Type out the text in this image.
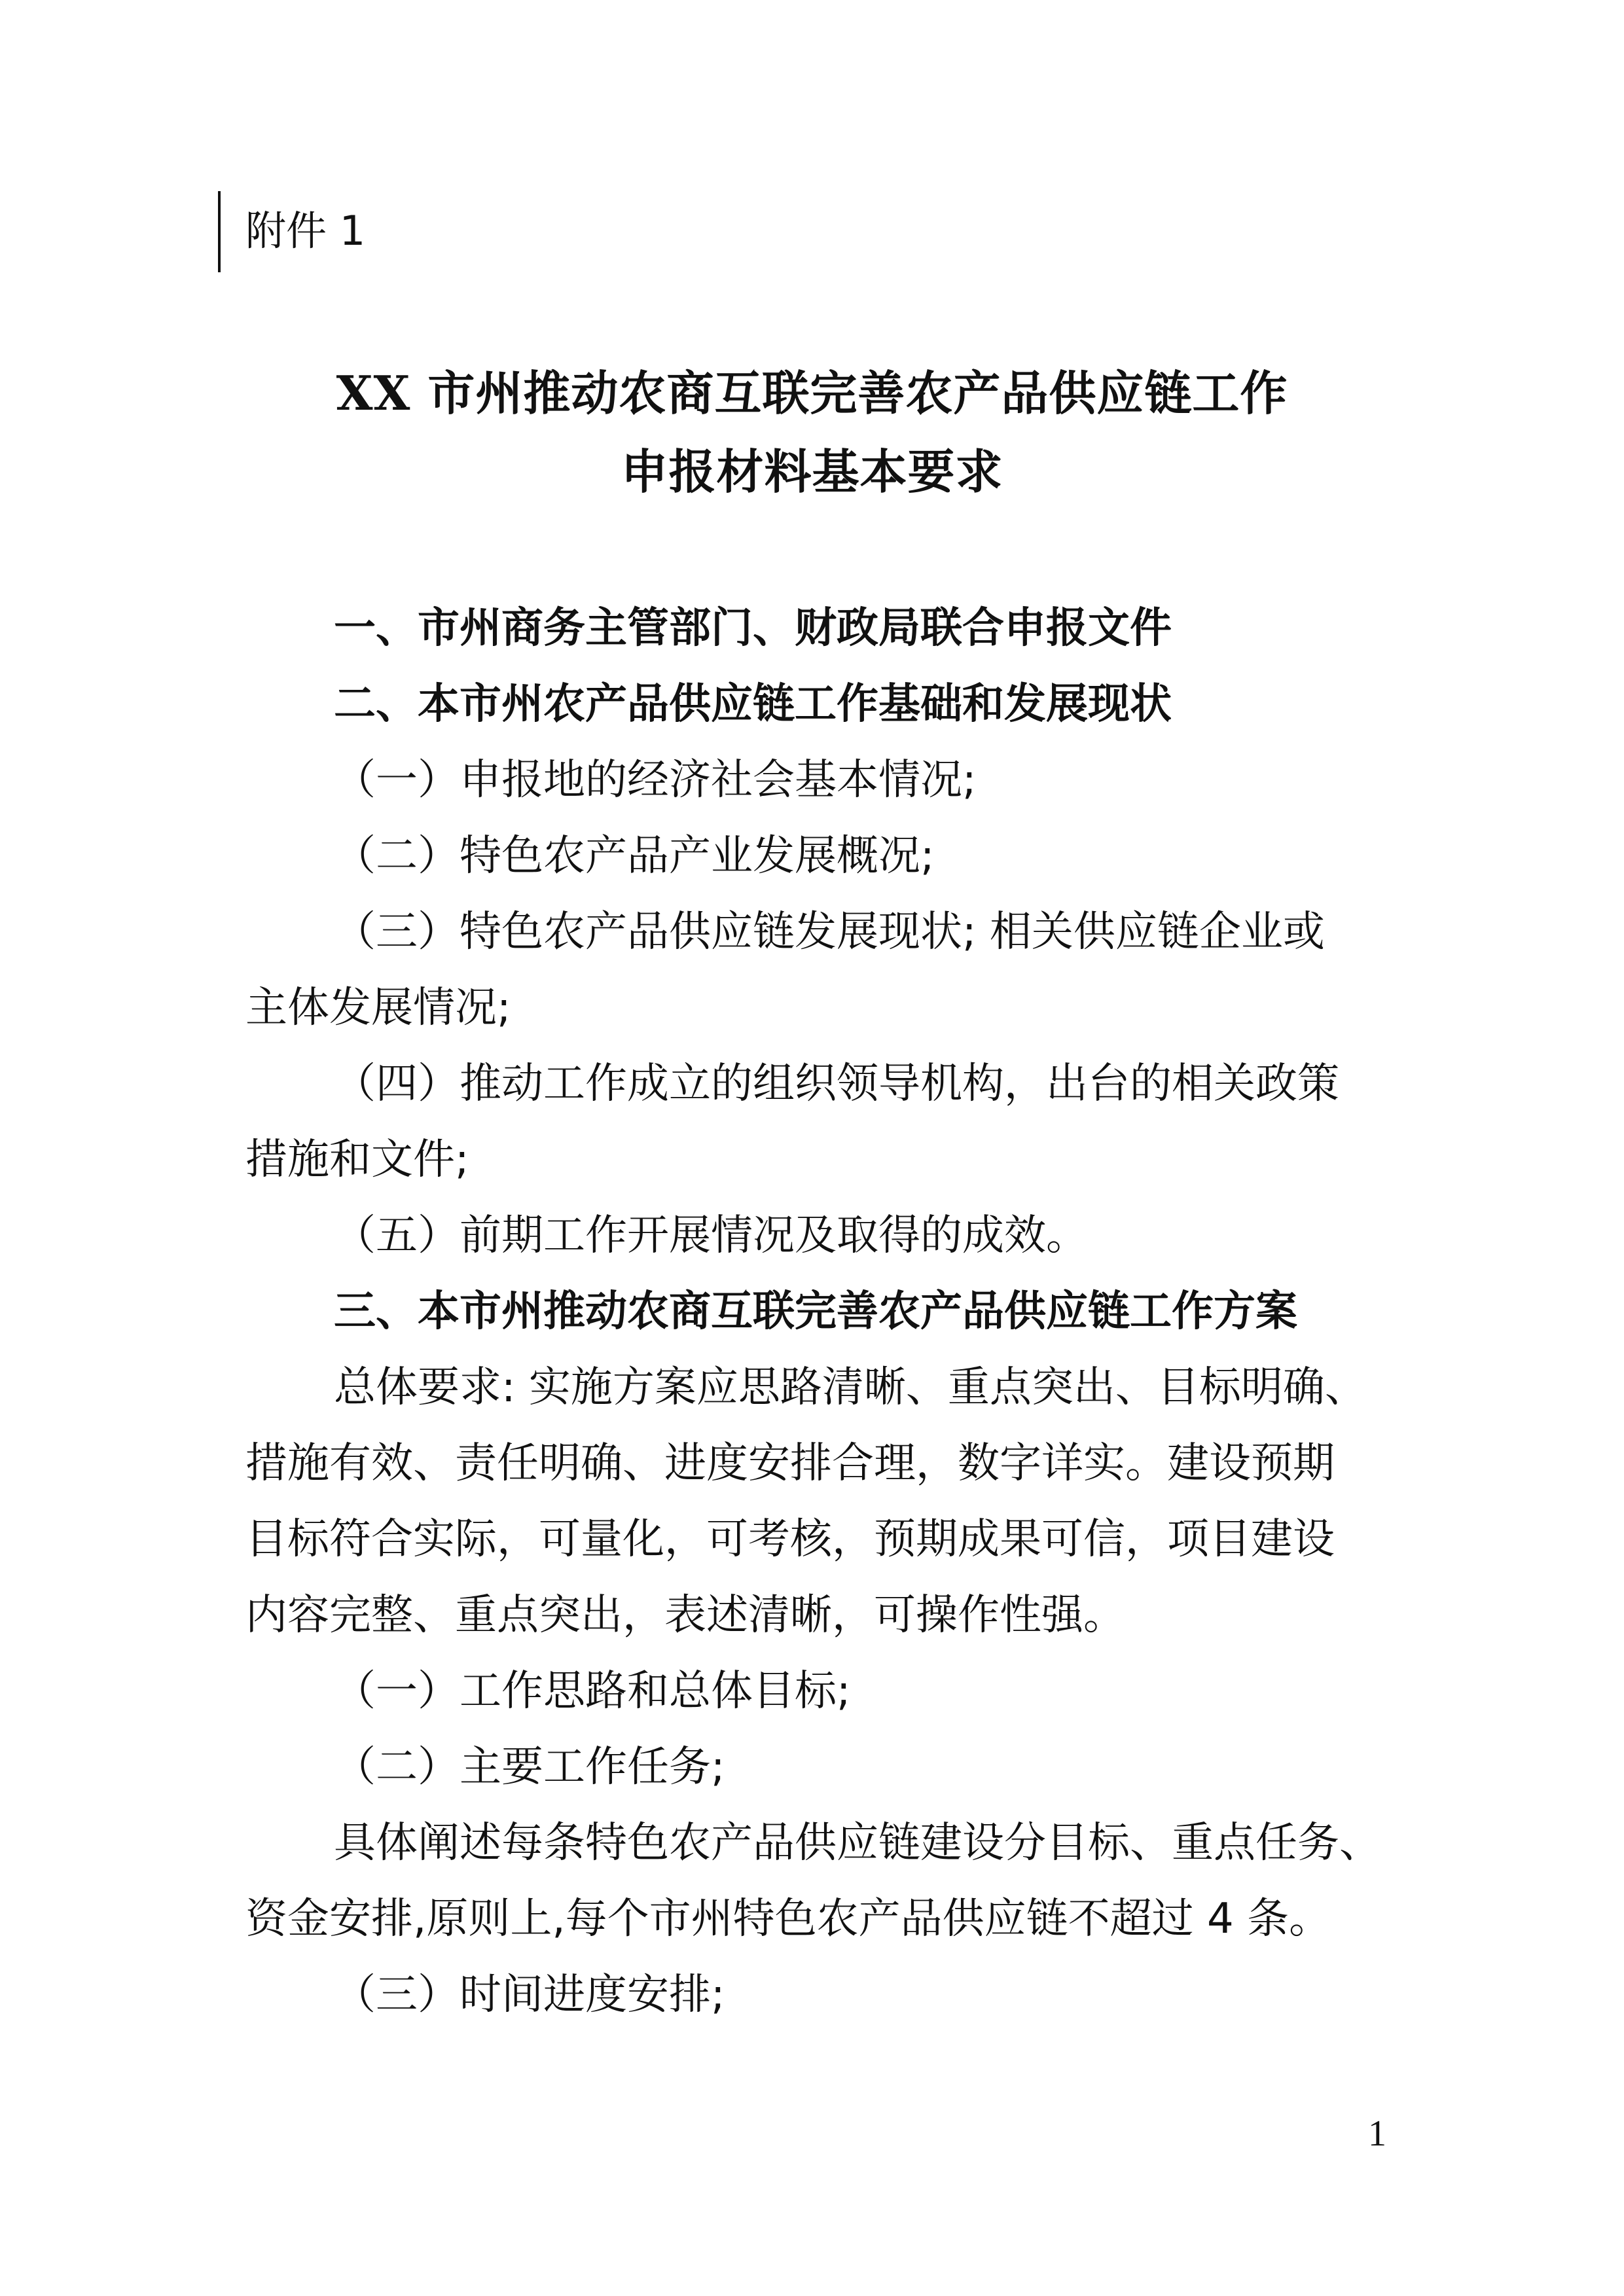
附件 1
XX 市州推动农商互联完善农产品供应链工作
申报材料基本要求
一、市州商务主管部门、财政局联合申报文件
二、本市州农产品供应链工作基础和发展现状
（一）申报地的经济社会基本情况;
（二）特色农产品产业发展概况;
（三）特色农产品供应链发展现状; 相关供应链企业或
主体发展情况;
（四）推动工作成立的组织领导机构，出台的相关政策
措施和文件;
（五）前期工作开展情况及取得的成效。
三、本市州推动农商互联完善农产品供应链工作方案
总体要求: 实施方案应思路清晰、重点突出、目标明确、
措施有效、责任明确、进度安排合理，数字详实。建设预期
目标符合实际，可量化，可考核，预期成果可信，项目建设
内容完整、重点突出，表述清晰，可操作性强。
（一）工作思路和总体目标;
（二）主要工作任务;
具体阐述每条特色农产品供应链建设分目标、重点任务、
资金安排,原则上,每个市州特色农产品供应链不超过 4 条。
（三）时间进度安排;
1
